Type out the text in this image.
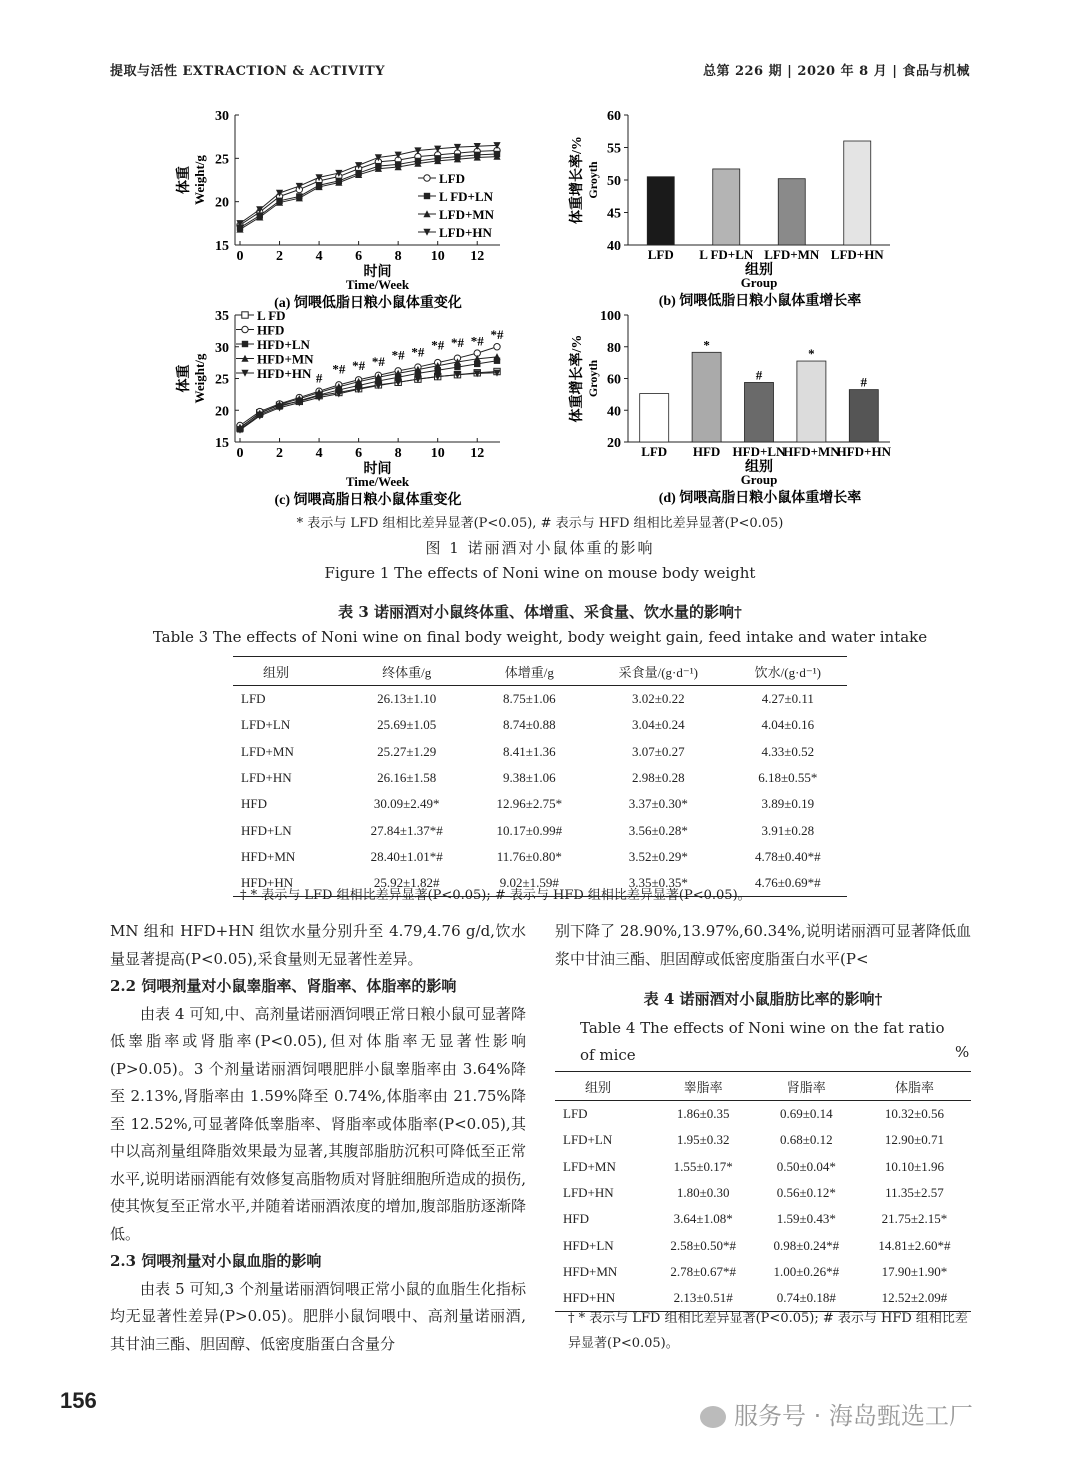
提取与活性 EXTRACTION & ACTIVITY	总第 226 期 | 2020 年 8 月 | 食品与机械
15
20
25
30
0 2 4 6 8 10 12
LFD
L FD+LN
LFD+MN
LFD+HN
时间
Time/Week
体重 Weight/g
(a) 饲喂低脂日粮小鼠体重变化
40
45
50
55
60
LFD L FD+LN LFD+MN LFD+HN
组别
Group
体重增长率/% Groyth
(b) 饲喂低脂日粮小鼠体重增长率
15
20
25
30
35
0 2 4 6 8 10 12
#
*# *# *# *# *# *# *# *# *#
L FD
HFD
HFD+LN
HFD+MN
HFD+HN
时间
Time/Week
体重 Weight/g
(c) 饲喂高脂日粮小鼠体重变化
20
40
60
80
100
LFD HFD
*
HFD+LN
#
HFD+MN
*
HFD+HN
#
组别
Group
体重增长率/% Groyth
(d) 饲喂高脂日粮小鼠体重增长率
* 表示与 LFD 组相比差异显著(P<0.05), # 表示与 HFD 组相比差异显著(P<0.05)
图 1 诺丽酒对小鼠体重的影响
Figure 1 The effects of Noni wine on mouse body weight
表 3 诺丽酒对小鼠终体重、体增重、采食量、饮水量的影响†
Table 3 The effects of Noni wine on final body weight, body weight gain, feed intake and water intake
组别	终体重/g	体增重/g	采食量/(g·d⁻¹)	饮水/(g·d⁻¹)
LFD	26.13±1.10	8.75±1.06	3.02±0.22	4.27±0.11
LFD+LN	25.69±1.05	8.74±0.88	3.04±0.24	4.04±0.16
LFD+MN	25.27±1.29	8.41±1.36	3.07±0.27	4.33±0.52
LFD+HN	26.16±1.58	9.38±1.06	2.98±0.28	6.18±0.55*
HFD	30.09±2.49*	12.96±2.75*	3.37±0.30*	3.89±0.19
HFD+LN	27.84±1.37*#	10.17±0.99#	3.56±0.28*	3.91±0.28
HFD+MN	28.40±1.01*#	11.76±0.80*	3.52±0.29*	4.78±0.40*#
HFD+HN	25.92±1.82#	9.02±1.59#	3.35±0.35*	4.76±0.69*#
† * 表示与 LFD 组相比差异显著(P<0.05); # 表示与 HFD 组相比差异显著(P<0.05)。

MN 组和 HFD+HN 组饮水量分别升至 4.79,4.76 g/d,饮水量显著提高(P<0.05),采食量则无显著性差异。

2.2 饲喂剂量对小鼠睾脂率、肾脂率、体脂率的影响

由表 4 可知,中、高剂量诺丽酒饲喂正常日粮小鼠可显著降低睾脂率或肾脂率(P<0.05),但对体脂率无显著性影响(P>0.05)。3 个剂量诺丽酒饲喂肥胖小鼠睾脂率由 3.64%降至 2.13%,肾脂率由 1.59%降至 0.74%,体脂率由 21.75%降至 12.52%,可显著降低睾脂率、肾脂率或体脂率(P<0.05),其中以高剂量组降脂效果最为显著,其腹部脂肪沉积可降低至正常水平,说明诺丽酒能有效修复高脂物质对肾脏细胞所造成的损伤,使其恢复至正常水平,并随着诺丽酒浓度的增加,腹部脂肪逐渐降低。

2.3 饲喂剂量对小鼠血脂的影响

由表 5 可知,3 个剂量诺丽酒饲喂正常小鼠的血脂生化指标均无显著性差异(P>0.05)。肥胖小鼠饲喂中、高剂量诺丽酒,其甘油三酯、胆固醇、低密度脂蛋白含量分

别下降了 28.90%,13.97%,60.34%,说明诺丽酒可显著降低血浆中甘油三酯、胆固醇或低密度脂蛋白水平(P<

表 4 诺丽酒对小鼠脂肪比率的影响†
Table 4 The effects of Noni wine on the fat ratio of mice	%
组别	睾脂率	肾脂率	体脂率
LFD	1.86±0.35	0.69±0.14	10.32±0.56
LFD+LN	1.95±0.32	0.68±0.12	12.90±0.71
LFD+MN	1.55±0.17*	0.50±0.04*	10.10±1.96
LFD+HN	1.80±0.30	0.56±0.12*	11.35±2.57
HFD	3.64±1.08*	1.59±0.43*	21.75±2.15*
HFD+LN	2.58±0.50*#	0.98±0.24*#	14.81±2.60*#
HFD+MN	2.78±0.67*#	1.00±0.26*#	17.90±1.90*
HFD+HN	2.13±0.51#	0.74±0.18#	12.52±2.09#
† * 表示与 LFD 组相比差异显著(P<0.05); # 表示与 HFD 组相比差异显著(P<0.05)。
156
服务号 · 海岛甄选工厂
